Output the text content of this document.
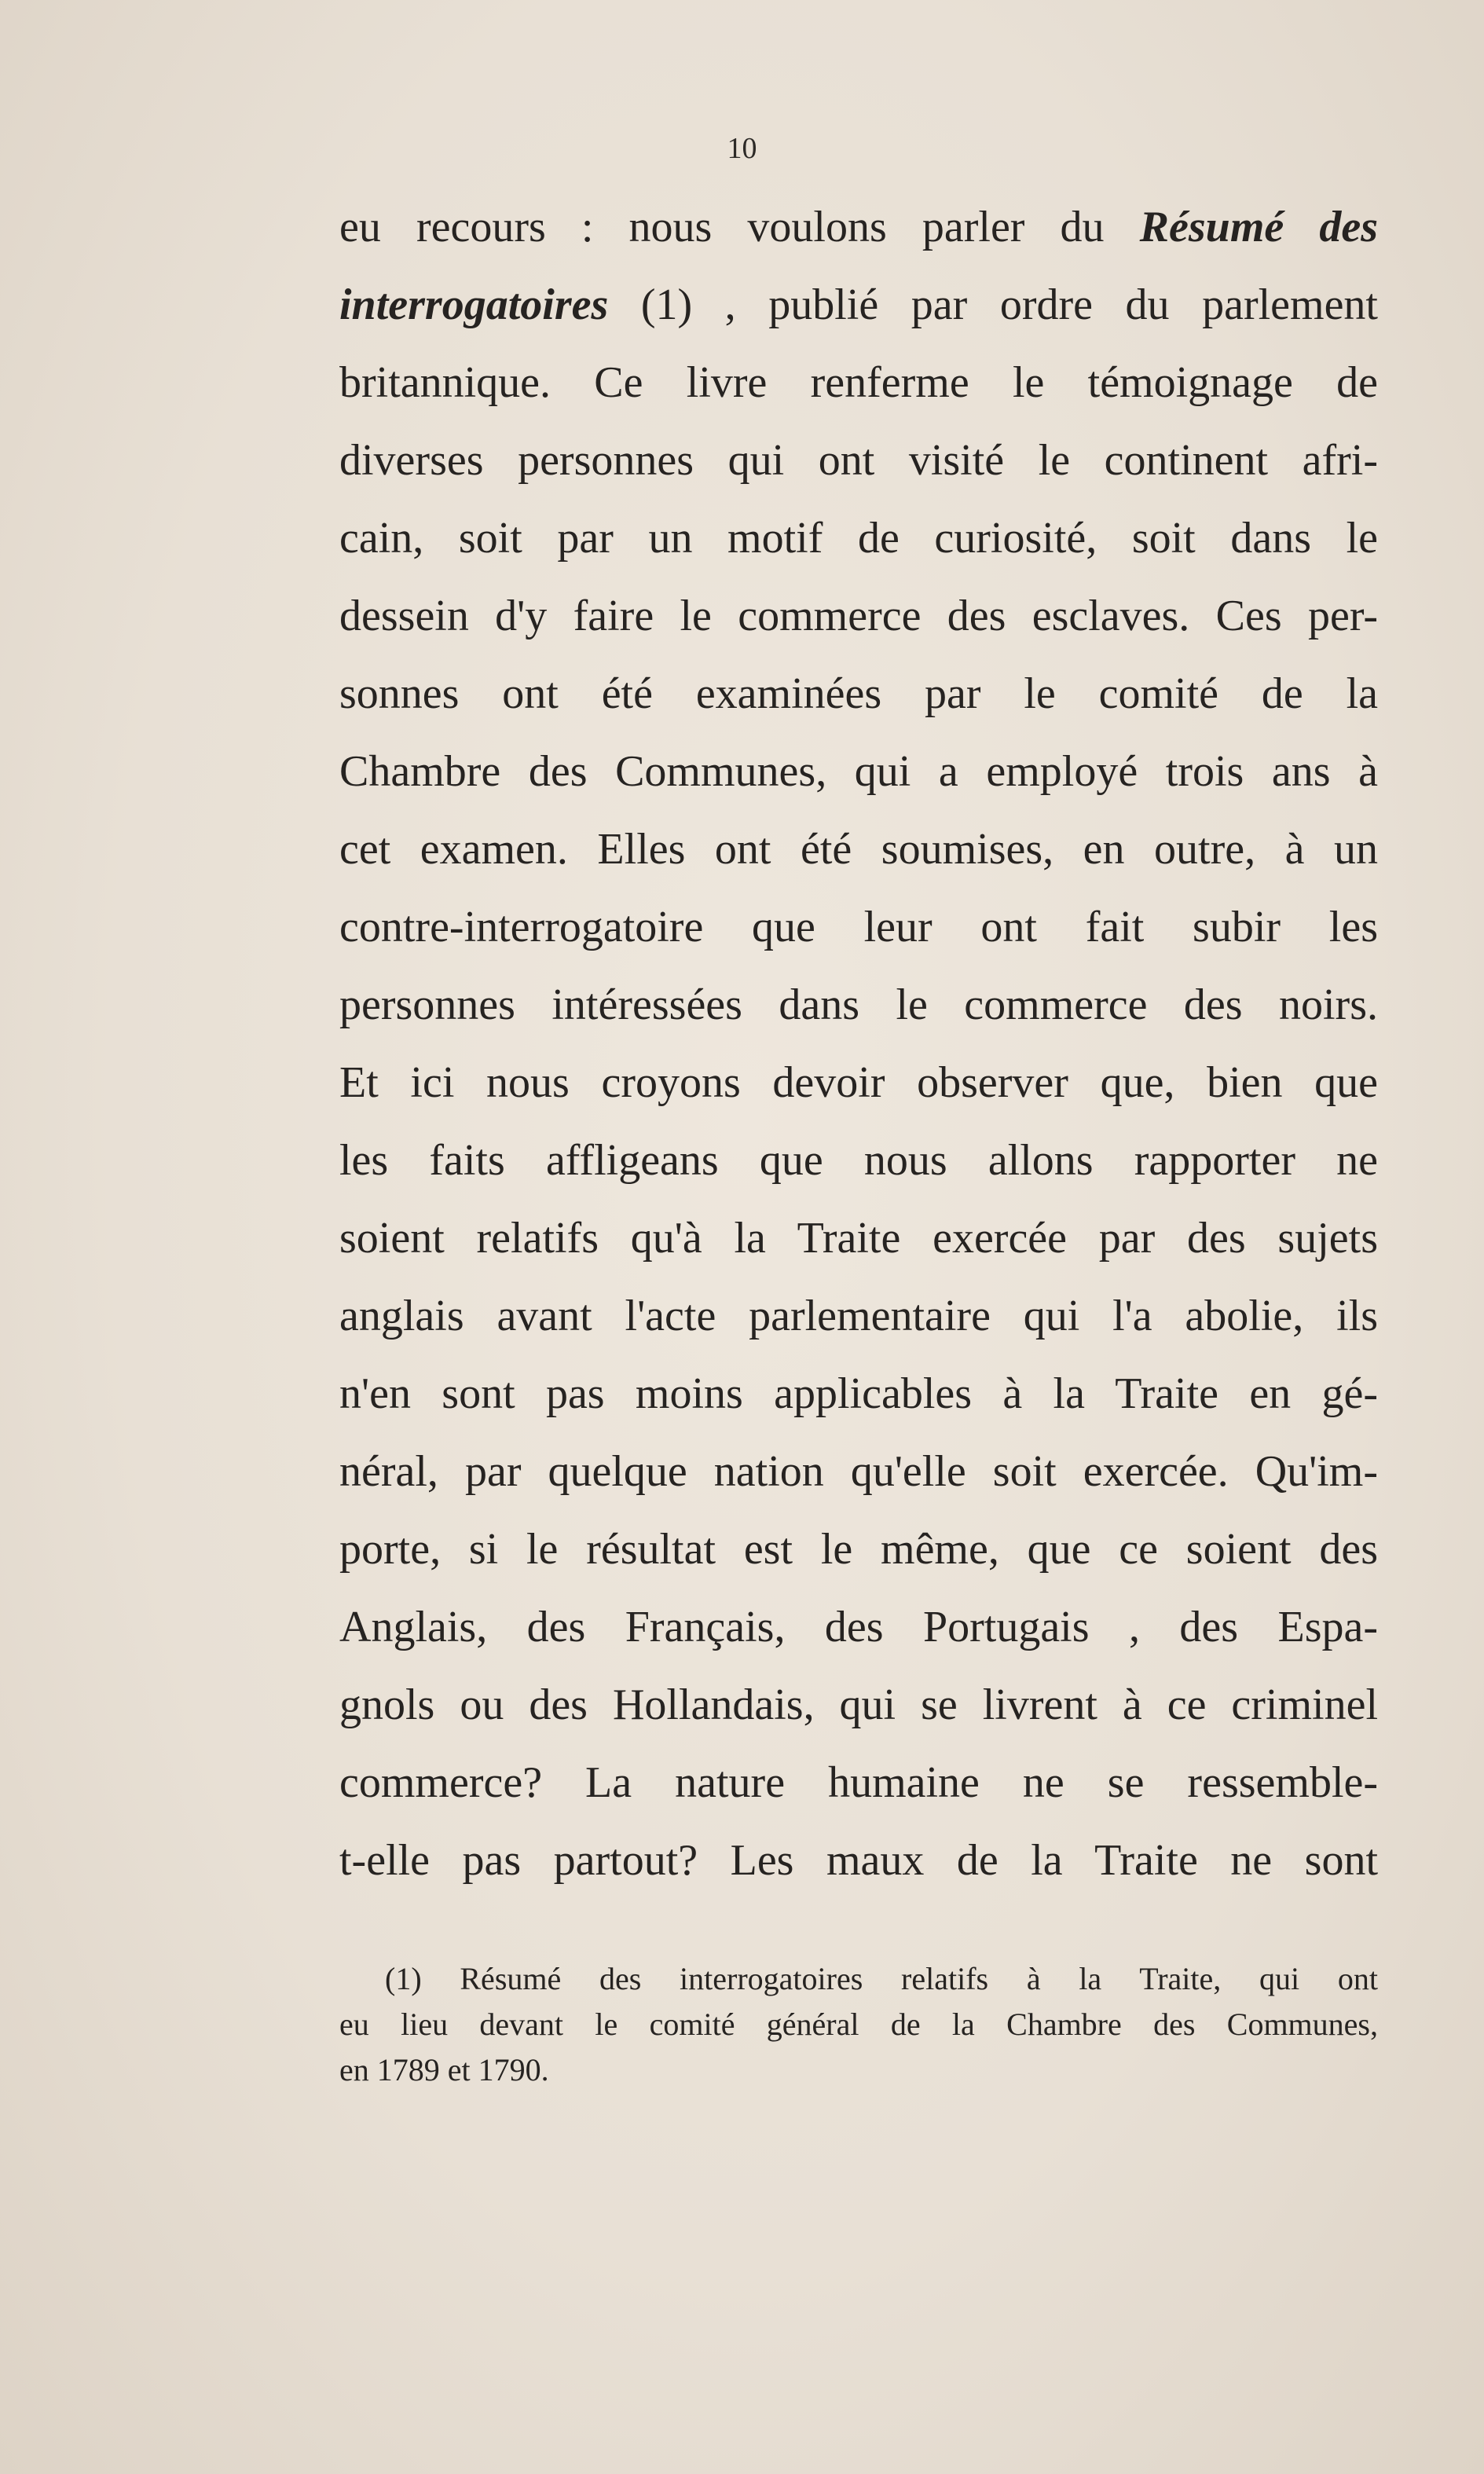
10
eu recours : nous voulons parler du Résumé des
interrogatoires (1) , publié par ordre du parlement
britannique. Ce livre renferme le témoignage de
diverses personnes qui ont visité le continent afri-
cain, soit par un motif de curiosité, soit dans le
dessein d'y faire le commerce des esclaves. Ces per-
sonnes ont été examinées par le comité de la
Chambre des Communes, qui a employé trois ans à
cet examen. Elles ont été soumises, en outre, à un
contre-interrogatoire que leur ont fait subir les
personnes intéressées dans le commerce des noirs.
Et ici nous croyons devoir observer que, bien que
les faits affligeans que nous allons rapporter ne
soient relatifs qu'à la Traite exercée par des sujets
anglais avant l'acte parlementaire qui l'a abolie, ils
n'en sont pas moins applicables à la Traite en gé-
néral, par quelque nation qu'elle soit exercée. Qu'im-
porte, si le résultat est le même, que ce soient des
Anglais, des Français, des Portugais , des Espa-
gnols ou des Hollandais, qui se livrent à ce criminel
commerce? La nature humaine ne se ressemble-
t-elle pas partout? Les maux de la Traite ne sont
(1) Résumé des interrogatoires relatifs à la Traite, qui ont
eu lieu devant le comité général de la Chambre des Communes,
en 1789 et 1790.
